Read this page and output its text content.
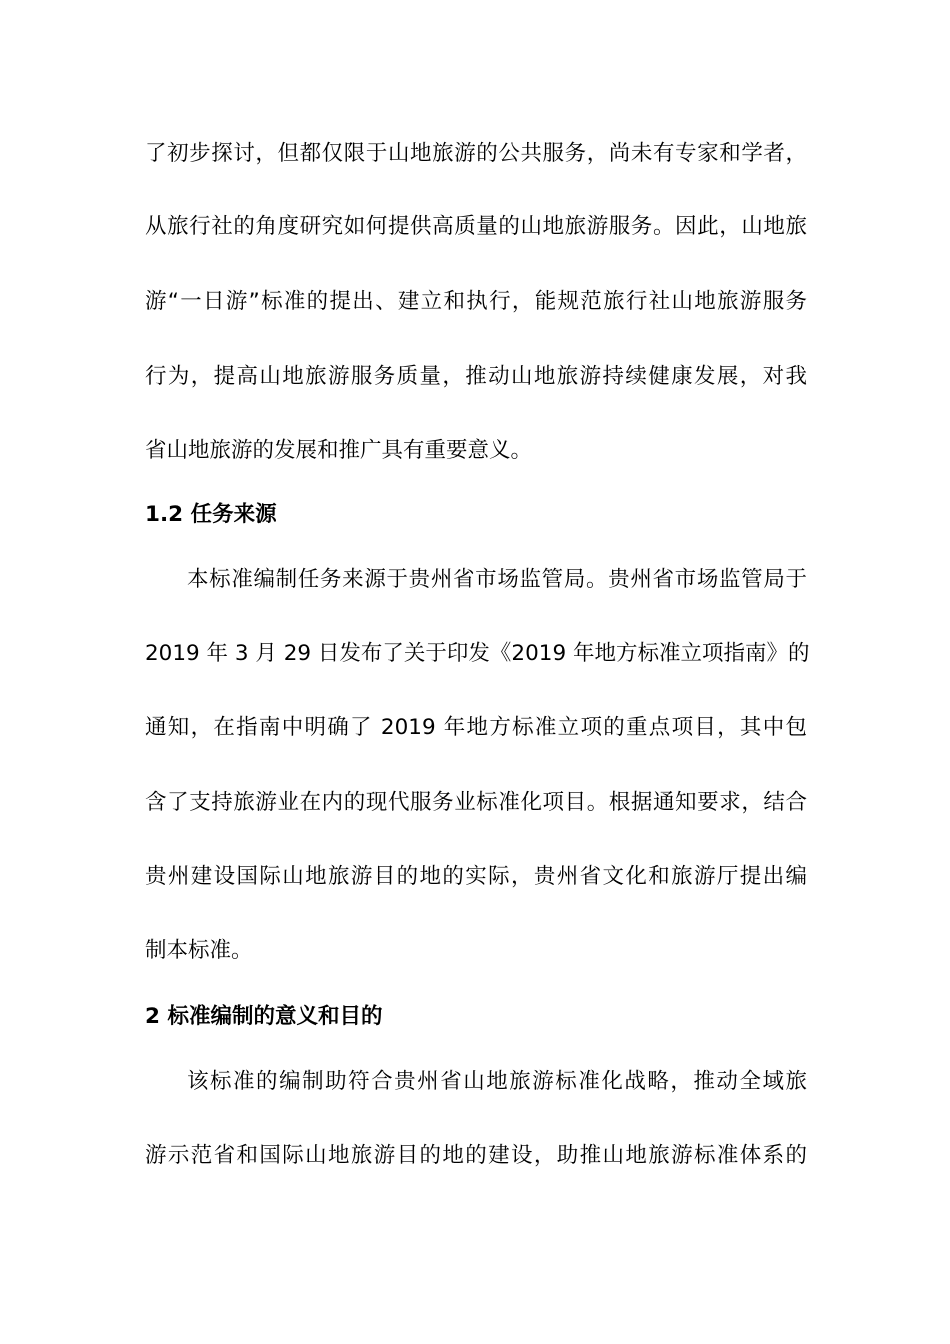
了初步探讨，但都仅限于山地旅游的公共服务，尚未有专家和学者，
从旅行社的角度研究如何提供高质量的山地旅游服务。因此，山地旅
游“一日游”标准的提出、建立和执行，能规范旅行社山地旅游服务
行为，提高山地旅游服务质量，推动山地旅游持续健康发展，对我
省山地旅游的发展和推广具有重要意义。
1.2 任务来源
本标准编制任务来源于贵州省市场监管局。贵州省市场监管局于
2019 年 3 月 29 日发布了关于印发《2019 年地方标准立项指南》的
通知，在指南中明确了 2019 年地方标准立项的重点项目，其中包
含了支持旅游业在内的现代服务业标准化项目。根据通知要求，结合
贵州建设国际山地旅游目的地的实际，贵州省文化和旅游厅提出编
制本标准。
2 标准编制的意义和目的
该标准的编制助符合贵州省山地旅游标准化战略，推动全域旅
游示范省和国际山地旅游目的地的建设，助推山地旅游标准体系的
